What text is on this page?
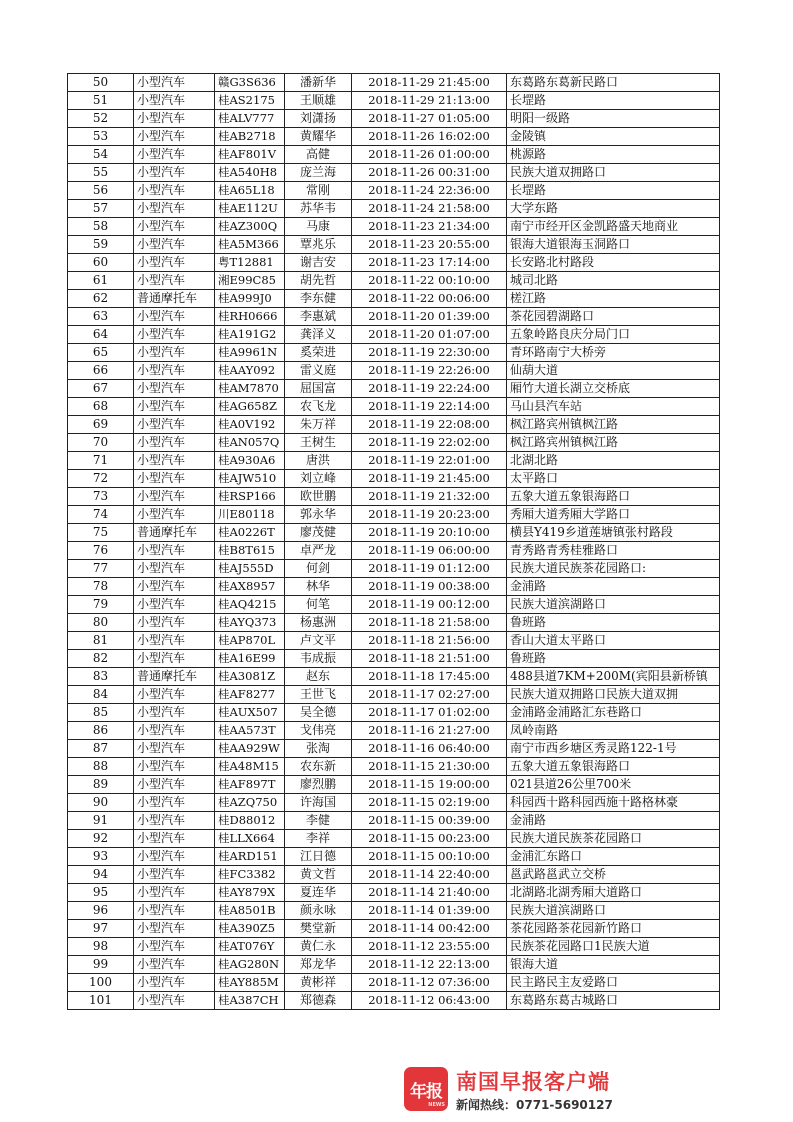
50	小型汽车	赣G3S636	潘新华	2018-11-29 21:45:00	东葛路东葛新民路口
51	小型汽车	桂AS2175	王顺雄	2018-11-29 21:13:00	长堽路
52	小型汽车	桂ALV777	刘潇扬	2018-11-27 01:05:00	明阳一级路
53	小型汽车	桂AB2718	黄耀华	2018-11-26 16:02:00	金陵镇
54	小型汽车	桂AF801V	高健	2018-11-26 01:00:00	桃源路
55	小型汽车	桂A540H8	庞兰海	2018-11-26 00:31:00	民族大道双拥路口
56	小型汽车	桂A65L18	常刚	2018-11-24 22:36:00	长堽路
57	小型汽车	桂AE112U	苏华韦	2018-11-24 21:58:00	大学东路
58	小型汽车	桂AZ300Q	马康	2018-11-23 21:34:00	南宁市经开区金凯路盛天地商业
59	小型汽车	桂A5M366	覃兆乐	2018-11-23 20:55:00	银海大道银海玉洞路口
60	小型汽车	粤T12881	谢吉安	2018-11-23 17:14:00	长安路北村路段
61	小型汽车	湘E99C85	胡先哲	2018-11-22 00:10:00	城司北路
62	普通摩托车	桂A999J0	李东健	2018-11-22 00:06:00	槎江路
63	小型汽车	桂RH0666	李惠斌	2018-11-20 01:39:00	茶花园碧湖路口
64	小型汽车	桂A191G2	龚泽义	2018-11-20 01:07:00	五象岭路良庆分局门口
65	小型汽车	桂A9961N	奚荣进	2018-11-19 22:30:00	青环路南宁大桥旁
66	小型汽车	桂AAY092	雷义庭	2018-11-19 22:26:00	仙葫大道
67	小型汽车	桂AM7870	屈国富	2018-11-19 22:24:00	厢竹大道长湖立交桥底
68	小型汽车	桂AG658Z	农飞龙	2018-11-19 22:14:00	马山县汽车站
69	小型汽车	桂A0V192	朱万祥	2018-11-19 22:08:00	枫江路宾州镇枫江路
70	小型汽车	桂AN057Q	王树生	2018-11-19 22:02:00	枫江路宾州镇枫江路
71	小型汽车	桂A930A6	唐洪	2018-11-19 22:01:00	北湖北路
72	小型汽车	桂AJW510	刘立峰	2018-11-19 21:45:00	太平路口
73	小型汽车	桂RSP166	欧世鹏	2018-11-19 21:32:00	五象大道五象银海路口
74	小型汽车	川E80118	郭永华	2018-11-19 20:23:00	秀厢大道秀厢大学路口
75	普通摩托车	桂A0226T	廖茂健	2018-11-19 20:10:00	横县Y419乡道莲塘镇张村路段
76	小型汽车	桂B8T615	卓严龙	2018-11-19 06:00:00	青秀路青秀桂雅路口
77	小型汽车	桂AJ555D	何剑	2018-11-19 01:12:00	民族大道民族茶花园路口:
78	小型汽车	桂AX8957	林华	2018-11-19 00:38:00	金浦路
79	小型汽车	桂AQ4215	何笔	2018-11-19 00:12:00	民族大道滨湖路口
80	小型汽车	桂AYQ373	杨惠洲	2018-11-18 21:58:00	鲁班路
81	小型汽车	桂AP870L	卢文平	2018-11-18 21:56:00	香山大道太平路口
82	小型汽车	桂A16E99	韦成振	2018-11-18 21:51:00	鲁班路
83	普通摩托车	桂A3081Z	赵东	2018-11-18 17:45:00	488县道7KM+200M(宾阳县新桥镇
84	小型汽车	桂AF8277	王世飞	2018-11-17 02:27:00	民族大道双拥路口民族大道双拥
85	小型汽车	桂AUX507	吴全德	2018-11-17 01:02:00	金浦路金浦路汇东巷路口
86	小型汽车	桂AA573T	戈伟亮	2018-11-16 21:27:00	凤岭南路
87	小型汽车	桂AA929W	张淘	2018-11-16 06:40:00	南宁市西乡塘区秀灵路122-1号
88	小型汽车	桂A48M15	农东新	2018-11-15 21:30:00	五象大道五象银海路口
89	小型汽车	桂AF897T	廖烈鹏	2018-11-15 19:00:00	021县道26公里700米
90	小型汽车	桂AZQ750	许海国	2018-11-15 02:19:00	科园西十路科园西施十路格林豪
91	小型汽车	桂D88012	李健	2018-11-15 00:39:00	金浦路
92	小型汽车	桂LLX664	李祥	2018-11-15 00:23:00	民族大道民族茶花园路口
93	小型汽车	桂ARD151	江日德	2018-11-15 00:10:00	金浦汇东路口
94	小型汽车	桂FC3382	黄文哲	2018-11-14 22:40:00	邕武路邕武立交桥
95	小型汽车	桂AY879X	夏连华	2018-11-14 21:40:00	北湖路北湖秀厢大道路口
96	小型汽车	桂A8501B	颜永咏	2018-11-14 01:39:00	民族大道滨湖路口
97	小型汽车	桂A390Z5	樊堂新	2018-11-14 00:42:00	茶花园路茶花园新竹路口
98	小型汽车	桂AT076Y	黄仁永	2018-11-12 23:55:00	民族茶花园路口1民族大道
99	小型汽车	桂AG280N	郑龙华	2018-11-12 22:13:00	银海大道
100	小型汽车	桂AY885M	黄彬祥	2018-11-12 07:36:00	民主路民主友爱路口
101	小型汽车	桂A387CH	郑德森	2018-11-12 06:43:00	东葛路东葛古城路口
年报
NEWS
南国早报客户端
新闻热线：0771-5690127
